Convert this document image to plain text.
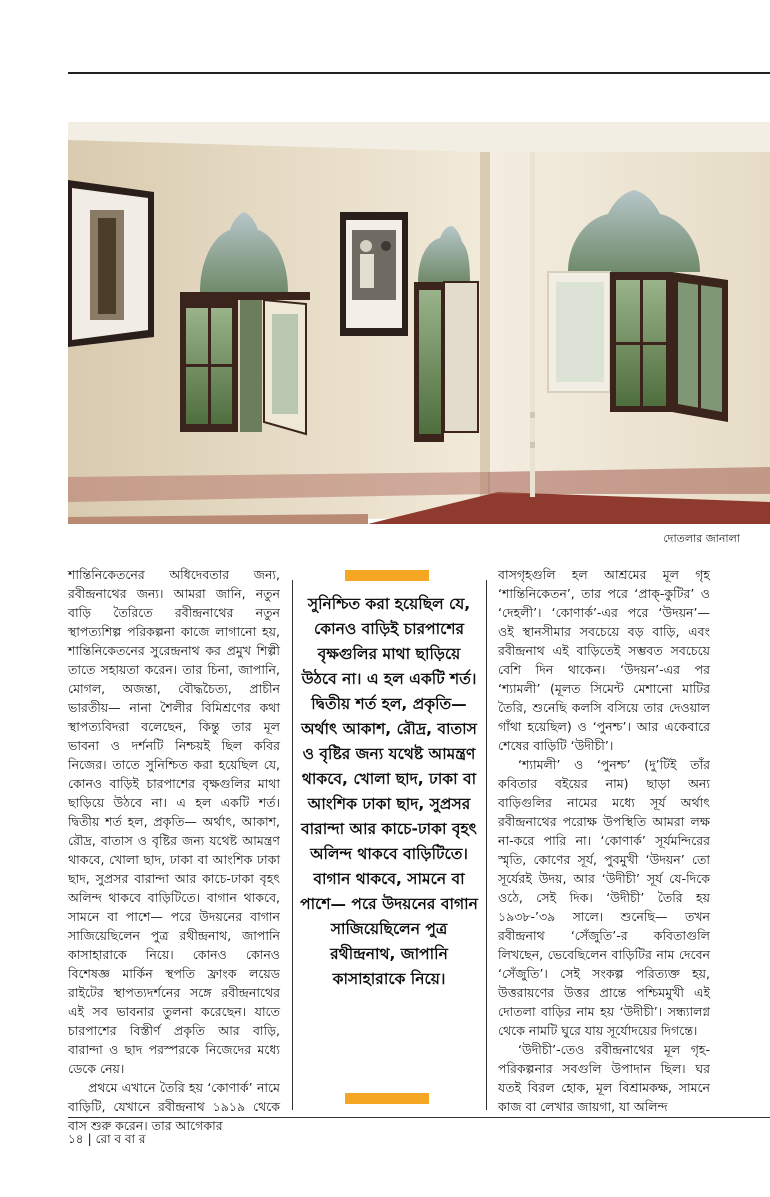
দোতলার জানালা

শান্তিনিকেতনের অধিদেবতার জন্য, রবীন্দ্রনাথের জন্য। আমরা জানি, নতুন বাড়ি তৈরিতে রবীন্দ্রনাথের নতুন স্থাপত্যশিল্প পরিকল্পনা কাজে লাগানো হয়, শান্তিনিকেতনের সুরেন্দ্রনাথ কর প্রমুখ শিল্পী তাতে সহায়তা করেন। তার চিনা, জাপানি, মোগল, অজন্তা, বৌদ্ধচৈত্য, প্রাচীন ভারতীয়— নানা শৈলীর বিমিশ্রণের কথা স্থাপত্যবিদরা বলেছেন, কিন্তু তার মূল ভাবনা ও দর্শনটি নিশ্চয়ই ছিল কবির নিজের। তাতে সুনিশ্চিত করা হয়েছিল যে, কোনও বাড়িই চারপাশের বৃক্ষগুলির মাথা ছাড়িয়ে উঠবে না। এ হল একটি শর্ত। দ্বিতীয় শর্ত হল, প্রকৃতি— অর্থাৎ, আকাশ, রৌদ্র, বাতাস ও বৃষ্টির জন্য যথেষ্ট আমন্ত্রণ থাকবে, খোলা ছাদ, ঢাকা বা আংশিক ঢাকা ছাদ, সুপ্রসর বারান্দা আর কাচে-ঢাকা বৃহৎ অলিন্দ থাকবে বাড়িটিতে। বাগান থাকবে, সামনে বা পাশে— পরে উদয়নের বাগান সাজিয়েছিলেন পুত্র রথীন্দ্রনাথ, জাপানি কাসাহারাকে নিয়ে। কোনও কোনও বিশেষজ্ঞ মার্কিন স্থপতি ফ্রাংক লয়েড রাইটের স্থাপত্যদর্শনের সঙ্গে রবীন্দ্রনাথের এই সব ভাবনার তুলনা করেছেন। যাতে চারপাশের বিস্তীর্ণ প্রকৃতি আর বাড়ি, বারান্দা ও ছাদ পরস্পরকে নিজেদের মধ্যে ডেকে নেয়।

প্রথমে এখানে তৈরি হয় ‘কোণার্ক’ নামে বাড়িটি, যেখানে রবীন্দ্রনাথ ১৯১৯ থেকে বাস শুরু করেন। তার আগেকার

সুনিশ্চিত করা হয়েছিল যে, কোনও বাড়িই চারপাশের বৃক্ষগুলির মাথা ছাড়িয়ে উঠবে না। এ হল একটি শর্ত। দ্বিতীয় শর্ত হল, প্রকৃতি— অর্থাৎ আকাশ, রৌদ্র, বাতাস ও বৃষ্টির জন্য যথেষ্ট আমন্ত্রণ থাকবে, খোলা ছাদ, ঢাকা বা আংশিক ঢাকা ছাদ, সুপ্রসর বারান্দা আর কাচে-ঢাকা বৃহৎ অলিন্দ থাকবে বাড়িটিতে। বাগান থাকবে, সামনে বা পাশে— পরে উদয়নের বাগান সাজিয়েছিলেন পুত্র রথীন্দ্রনাথ, জাপানি কাসাহারাকে নিয়ে।

বাসগৃহগুলি হল আশ্রমের মূল গৃহ ‘শান্তিনিকেতন’, তার পরে ‘প্রাক্-কুটির’ ও ‘দেহলী’। ‘কোণার্ক’-এর পরে ‘উদয়ন’— ওই স্থানসীমার সবচেয়ে বড় বাড়ি, এবং রবীন্দ্রনাথ এই বাড়িতেই সম্ভবত সবচেয়ে বেশি দিন থাকেন। ‘উদয়ন’-এর পর ‘শ্যামলী’ (মূলত সিমেন্ট মেশানো মাটির তৈরি, শুনেছি কলসি বসিয়ে তার দেওয়াল গাঁথা হয়েছিল) ও ‘পুনশ্চ’। আর একেবারে শেষের বাড়িটি ‘উদীচী’।

‘শ্যামলী’ ও ‘পুনশ্চ’ (দু’টিই তাঁর কবিতার বইয়ের নাম) ছাড়া অন্য বাড়িগুলির নামের মধ্যে সূর্য অর্থাৎ রবীন্দ্রনাথের পরোক্ষ উপস্থিতি আমরা লক্ষ না-করে পারি না। ‘কোণার্ক’ সূর্যমন্দিরের স্মৃতি, কোণের সূর্য, পুবমুখী ‘উদয়ন’ তো সূর্যেরই উদয়, আর ‘উদীচী’ সূর্য যে-দিকে ওঠে, সেই দিক। ‘উদীচী’ তৈরি হয় ১৯৩৮-’৩৯ সালে। শুনেছি— তখন রবীন্দ্রনাথ ‘সেঁজুতি’-র কবিতাগুলি লিখছেন, ভেবেছিলেন বাড়িটির নাম দেবেন ‘সেঁজুতি’। সেই সংকল্প পরিত্যক্ত হয়, উত্তরায়ণের উত্তর প্রান্তে পশ্চিমমুখী এই দোতলা বাড়ির নাম হয় ‘উদীচী’। সন্ধ্যালগ্ন থেকে নামটি ঘুরে যায় সূর্যোদয়ের দিগন্তে।

‘উদীচী’-তেও রবীন্দ্রনাথের মূল গৃহ-পরিকল্পনার সবগুলি উপাদান ছিল। ঘর যতই বিরল হোক, মূল বিশ্রামকক্ষ, সামনে কাজ বা লেখার জায়গা, যা অলিন্দ

১৪ | রো ব বা র
